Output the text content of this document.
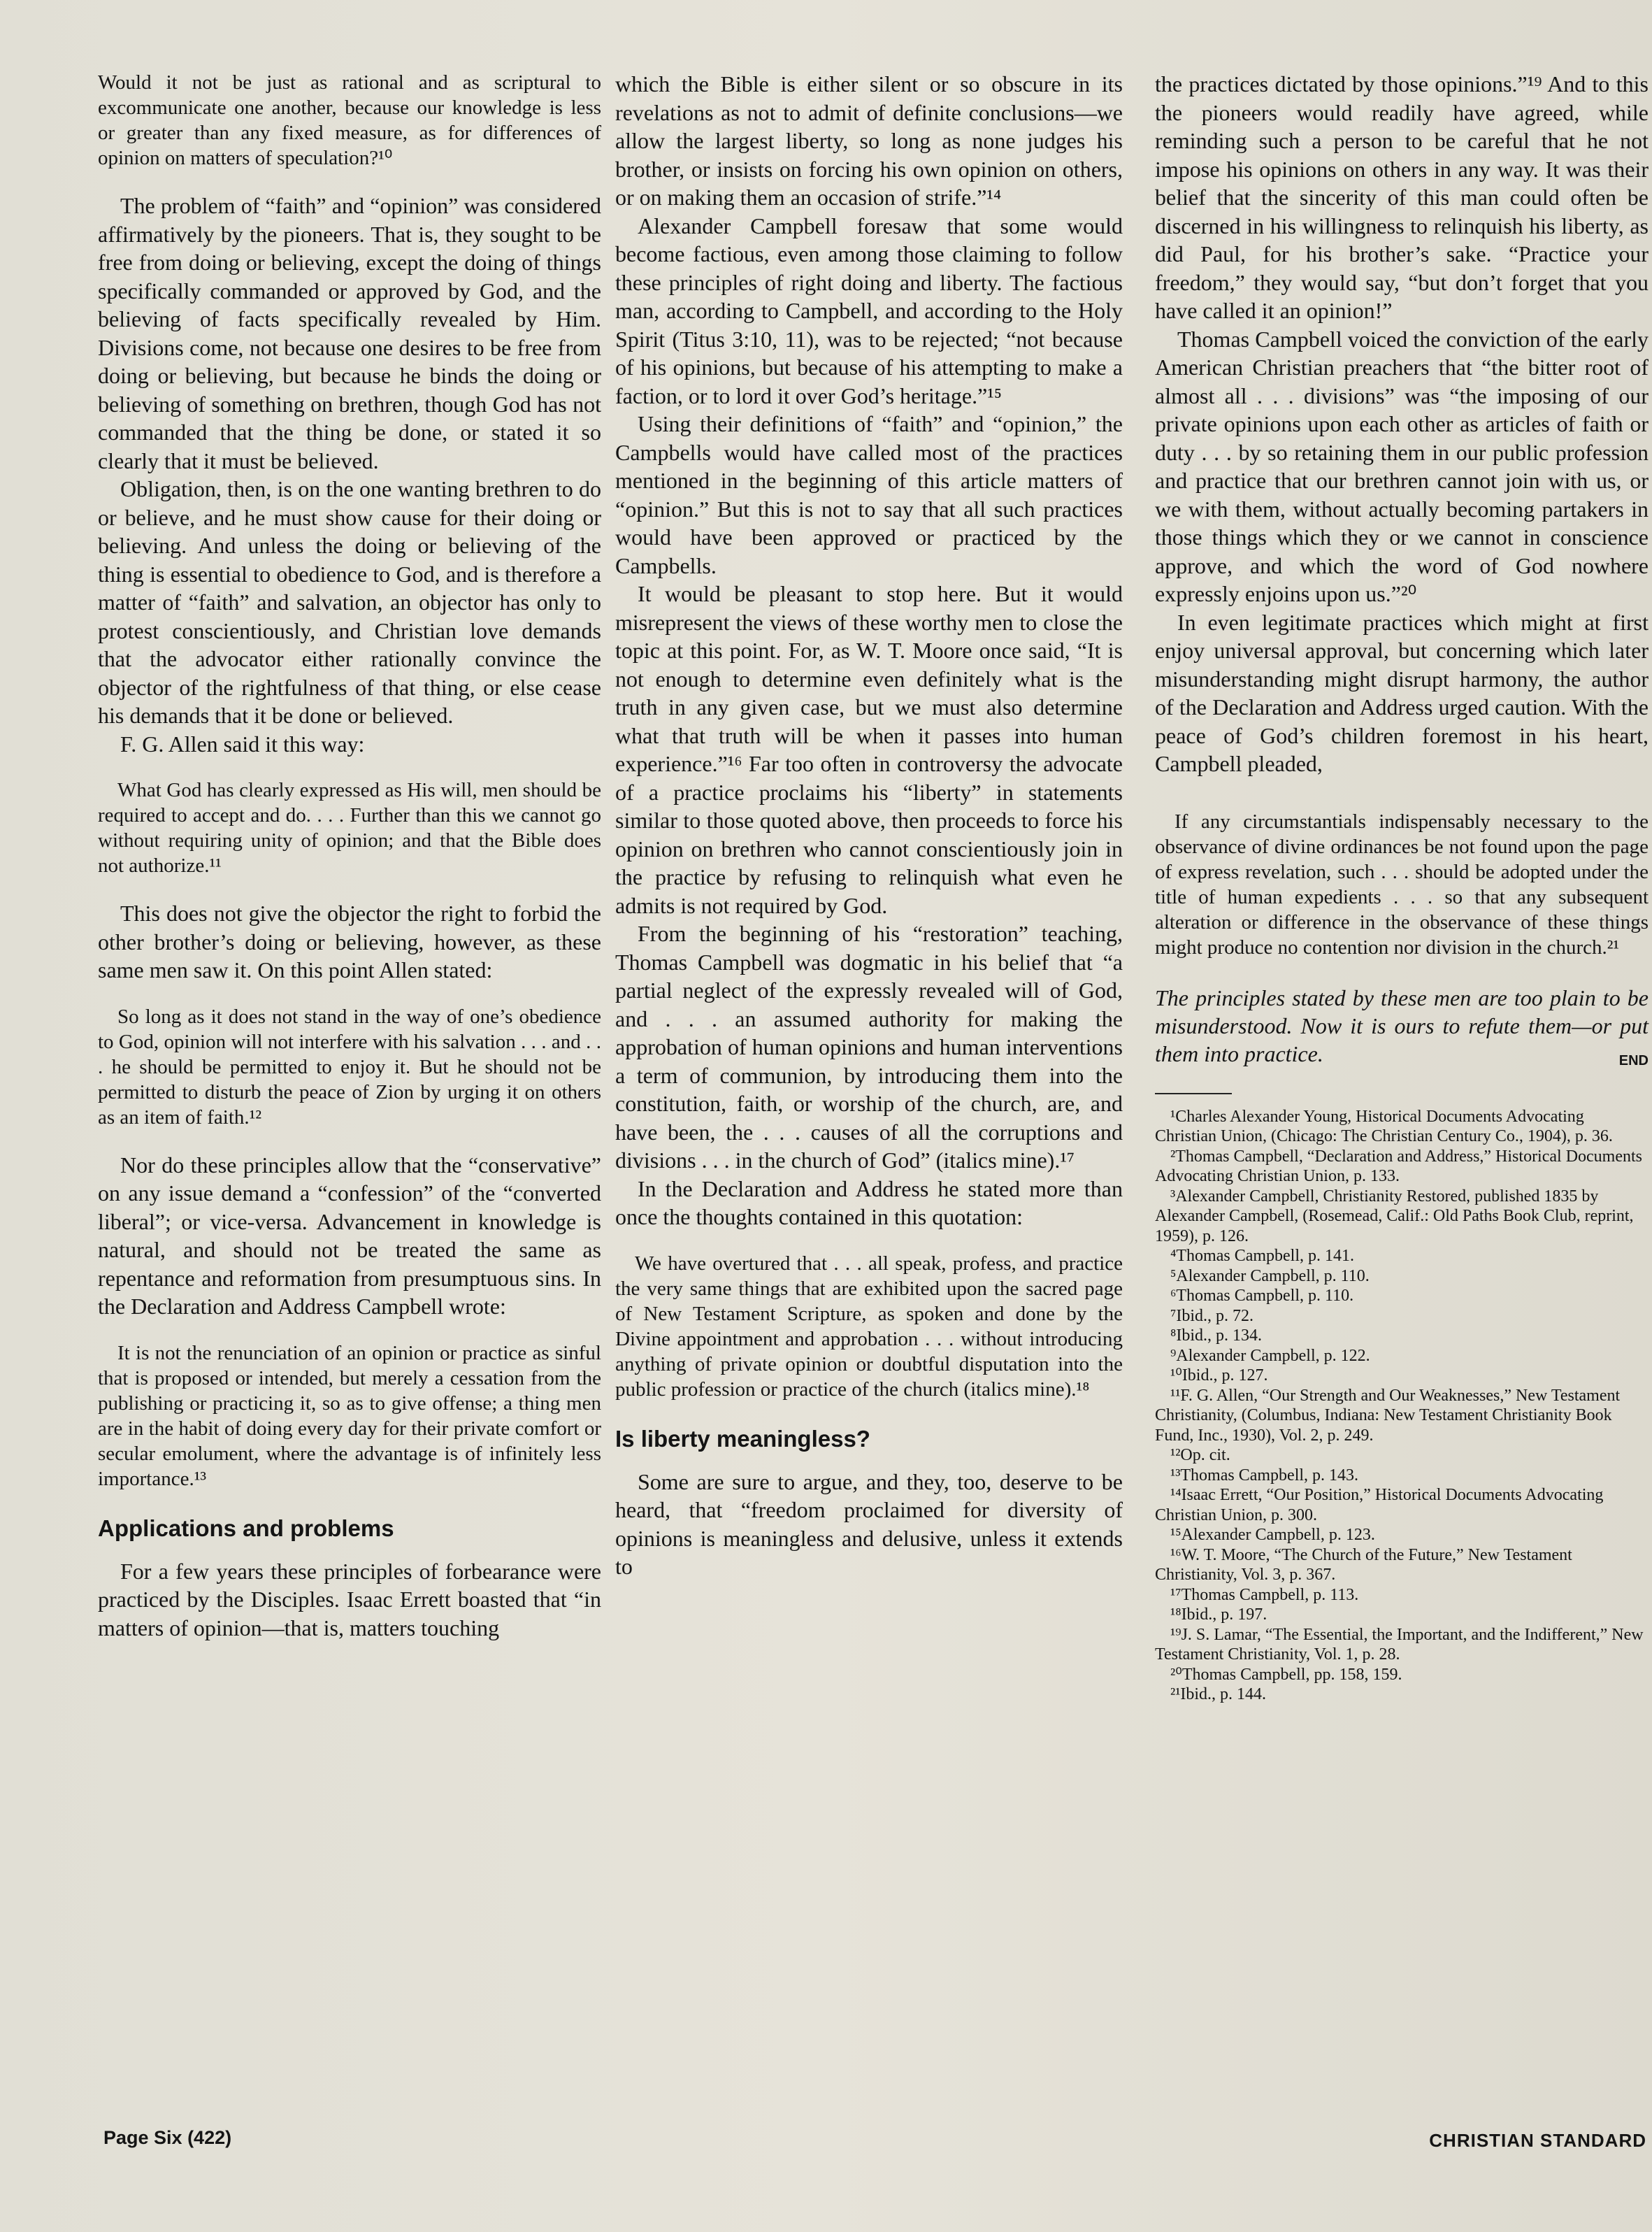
Would it not be just as rational and as scriptural to excommunicate one another, because our knowledge is less or greater than any fixed measure, as for differences of opinion on matters of speculation?¹⁰

The problem of “faith” and “opinion” was considered affirmatively by the pioneers. That is, they sought to be free from doing or believing, except the doing of things specifically commanded or approved by God, and the believing of facts specifically revealed by Him. Divisions come, not because one desires to be free from doing or believing, but because he binds the doing or believing of something on brethren, though God has not commanded that the thing be done, or stated it so clearly that it must be believed.

Obligation, then, is on the one wanting brethren to do or believe, and he must show cause for their doing or believing. And unless the doing or believing of the thing is essential to obedience to God, and is therefore a matter of “faith” and salvation, an objector has only to protest conscientiously, and Christian love demands that the advocator either rationally convince the objector of the rightfulness of that thing, or else cease his demands that it be done or believed.

F. G. Allen said it this way:

What God has clearly expressed as His will, men should be required to accept and do. . . . Further than this we cannot go without requiring unity of opinion; and that the Bible does not authorize.¹¹

This does not give the objector the right to forbid the other brother’s doing or believing, however, as these same men saw it. On this point Allen stated:

So long as it does not stand in the way of one’s obedience to God, opinion will not interfere with his salvation . . . and . . . he should be permitted to enjoy it. But he should not be permitted to disturb the peace of Zion by urging it on others as an item of faith.¹²

Nor do these principles allow that the “conservative” on any issue demand a “confession” of the “converted liberal”; or vice-versa. Advancement in knowledge is natural, and should not be treated the same as repentance and reformation from presumptuous sins. In the Declaration and Address Campbell wrote:

It is not the renunciation of an opinion or practice as sinful that is proposed or intended, but merely a cessation from the publishing or practicing it, so as to give offense; a thing men are in the habit of doing every day for their private comfort or secular emolument, where the advantage is of infinitely less importance.¹³

Applications and problems

For a few years these principles of forbearance were practiced by the Disciples. Isaac Errett boasted that “in matters of opinion—that is, matters touching

which the Bible is either silent or so obscure in its revelations as not to admit of definite conclusions—we allow the largest liberty, so long as none judges his brother, or insists on forcing his own opinion on others, or on making them an occasion of strife.”¹⁴

Alexander Campbell foresaw that some would become factious, even among those claiming to follow these principles of right doing and liberty. The factious man, according to Campbell, and according to the Holy Spirit (Titus 3:10, 11), was to be rejected; “not because of his opinions, but because of his attempting to make a faction, or to lord it over God’s heritage.”¹⁵

Using their definitions of “faith” and “opinion,” the Campbells would have called most of the practices mentioned in the beginning of this article matters of “opinion.” But this is not to say that all such practices would have been approved or practiced by the Campbells.

It would be pleasant to stop here. But it would misrepresent the views of these worthy men to close the topic at this point. For, as W. T. Moore once said, “It is not enough to determine even definitely what is the truth in any given case, but we must also determine what that truth will be when it passes into human experience.”¹⁶ Far too often in controversy the advocate of a practice proclaims his “liberty” in statements similar to those quoted above, then proceeds to force his opinion on brethren who cannot conscientiously join in the practice by refusing to relinquish what even he admits is not required by God.

From the beginning of his “restoration” teaching, Thomas Campbell was dogmatic in his belief that “a partial neglect of the expressly revealed will of God, and . . . an assumed authority for making the approbation of human opinions and human interventions a term of communion, by introducing them into the constitution, faith, or worship of the church, are, and have been, the . . . causes of all the corruptions and divisions . . . in the church of God” (italics mine).¹⁷

In the Declaration and Address he stated more than once the thoughts contained in this quotation:

We have overtured that . . . all speak, profess, and practice the very same things that are exhibited upon the sacred page of New Testament Scripture, as spoken and done by the Divine appointment and approbation . . . without introducing anything of private opinion or doubtful disputation into the public profession or practice of the church (italics mine).¹⁸

Is liberty meaningless?

Some are sure to argue, and they, too, deserve to be heard, that “freedom proclaimed for diversity of opinions is meaningless and delusive, unless it extends to

the practices dictated by those opinions.”¹⁹ And to this the pioneers would readily have agreed, while reminding such a person to be careful that he not impose his opinions on others in any way. It was their belief that the sincerity of this man could often be discerned in his willingness to relinquish his liberty, as did Paul, for his brother’s sake. “Practice your freedom,” they would say, “but don’t forget that you have called it an opinion!”

Thomas Campbell voiced the conviction of the early American Christian preachers that “the bitter root of almost all . . . divisions” was “the imposing of our private opinions upon each other as articles of faith or duty . . . by so retaining them in our public profession and practice that our brethren cannot join with us, or we with them, without actually becoming partakers in those things which they or we cannot in conscience approve, and which the word of God nowhere expressly enjoins upon us.”²⁰

In even legitimate practices which might at first enjoy universal approval, but concerning which later misunderstanding might disrupt harmony, the author of the Declaration and Address urged caution. With the peace of God’s children foremost in his heart, Campbell pleaded,

If any circumstantials indispensably necessary to the observance of divine ordinances be not found upon the page of express revelation, such . . . should be adopted under the title of human expedients . . . so that any subsequent alteration or difference in the observance of these things might produce no contention nor division in the church.²¹

The principles stated by these men are too plain to be misunderstood. Now it is ours to refute them—or put them into practice.	END

¹Charles Alexander Young, Historical Documents Advocating Christian Union, (Chicago: The Christian Century Co., 1904), p. 36.

²Thomas Campbell, “Declaration and Address,” Historical Documents Advocating Christian Union, p. 133.

³Alexander Campbell, Christianity Restored, published 1835 by Alexander Campbell, (Rosemead, Calif.: Old Paths Book Club, reprint, 1959), p. 126.

⁴Thomas Campbell, p. 141.

⁵Alexander Campbell, p. 110.

⁶Thomas Campbell, p. 110.

⁷Ibid., p. 72.

⁸Ibid., p. 134.

⁹Alexander Campbell, p. 122.

¹⁰Ibid., p. 127.

¹¹F. G. Allen, “Our Strength and Our Weaknesses,” New Testament Christianity, (Columbus, Indiana: New Testament Christianity Book Fund, Inc., 1930), Vol. 2, p. 249.

¹²Op. cit.

¹³Thomas Campbell, p. 143.

¹⁴Isaac Errett, “Our Position,” Historical Documents Advocating Christian Union, p. 300.

¹⁵Alexander Campbell, p. 123.

¹⁶W. T. Moore, “The Church of the Future,” New Testament Christianity, Vol. 3, p. 367.

¹⁷Thomas Campbell, p. 113.

¹⁸Ibid., p. 197.

¹⁹J. S. Lamar, “The Essential, the Important, and the Indifferent,” New Testament Christianity, Vol. 1, p. 28.

²⁰Thomas Campbell, pp. 158, 159.

²¹Ibid., p. 144.

Page Six (422)	CHRISTIAN STANDARD
